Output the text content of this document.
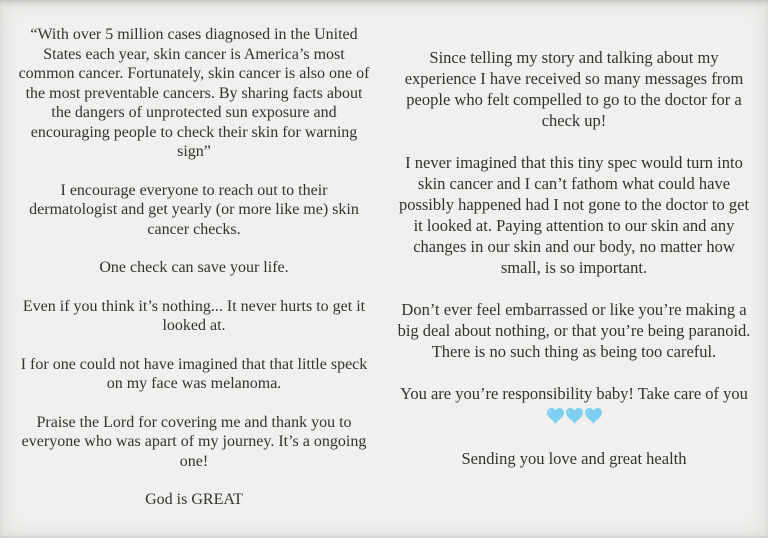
“With over 5 million cases diagnosed in the United States each year, skin cancer is America’s most common cancer. Fortunately, skin cancer is also one of the most preventable cancers. By sharing facts about the dangers of unprotected sun exposure and encouraging people to check their skin for warning sign”

I encourage everyone to reach out to their dermatologist and get yearly (or more like me) skin cancer checks.

One check can save your life.

Even if you think it’s nothing... It never hurts to get it looked at.

I for one could not have imagined that that little speck on my face was melanoma.

Praise the Lord for covering me and thank you to everyone who was apart of my journey. It’s a ongoing one!

God is GREAT

Since telling my story and talking about my experience I have received so many messages from people who felt compelled to go to the doctor for a check up!

I never imagined that this tiny spec would turn into skin cancer and I can’t fathom what could have possibly happened had I not gone to the doctor to get it looked at. Paying attention to our skin and any changes in our skin and our body, no matter how small, is so important.

Don’t ever feel embarrassed or like you’re making a big deal about nothing, or that you’re being paranoid. There is no such thing as being too careful.

You are you’re responsibility baby! Take care of you

Sending you love and great health
